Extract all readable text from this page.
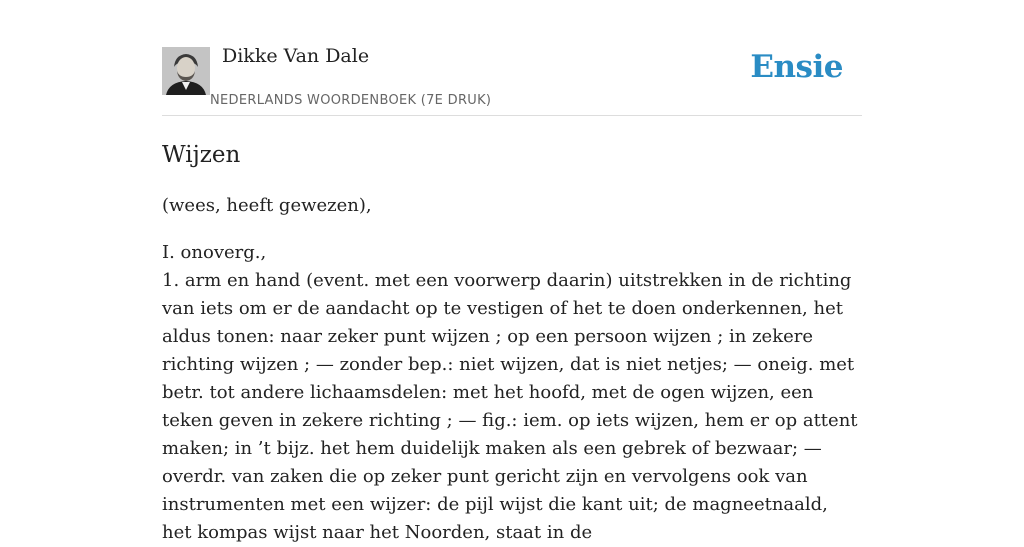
Dikke Van Dale
NEDERLANDS WOORDENBOEK (7E DRUK)
Ensie
Wijzen
(wees, heeft gewezen),
I. onoverg.,
1. arm en hand (event. met een voorwerp daarin) uitstrekken in de richting van iets om er de aandacht op te vestigen of het te doen onderkennen, het aldus tonen: naar zeker punt wijzen ; op een persoon wijzen ; in zekere richting wijzen ; — zonder bep.: niet wijzen, dat is niet netjes; — oneig. met betr. tot andere lichaamsdelen: met het hoofd, met de ogen wijzen, een teken geven in zekere richting ; — fig.: iem. op iets wijzen, hem er op attent maken; in ’t bijz. het hem duidelijk maken als een gebrek of bezwaar; — overdr. van zaken die op zeker punt gericht zijn en vervolgens ook van instrumenten met een wijzer: de pijl wijst die kant uit; de magneetnaald, het kompas wijst naar het Noorden, staat in de
